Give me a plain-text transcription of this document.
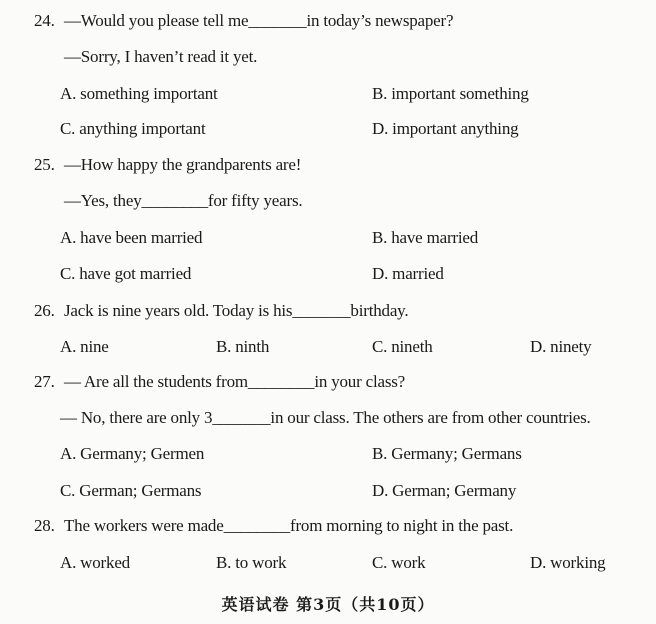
24. —Would you please tell me_______in today’s newspaper?
—Sorry, I haven’t read it yet.
A. something important	B. important something
C. anything important	D. important anything
25. —How happy the grandparents are!
—Yes, they________for fifty years.
A. have been married	B. have married
C. have got married	D. married
26. Jack is nine years old. Today is his_______birthday.
A. nine	B. ninth	C. nineth	D. ninety
27. — Are all the students from________in your class?
— No, there are only 3_______in our class. The others are from other countries.
A. Germany; Germen	B. Germany; Germans
C. German; Germans	D. German; Germany
28. The workers were made________from morning to night in the past.
A. worked	B. to work	C. work	D. working
英语试卷 第3页（共10页）
